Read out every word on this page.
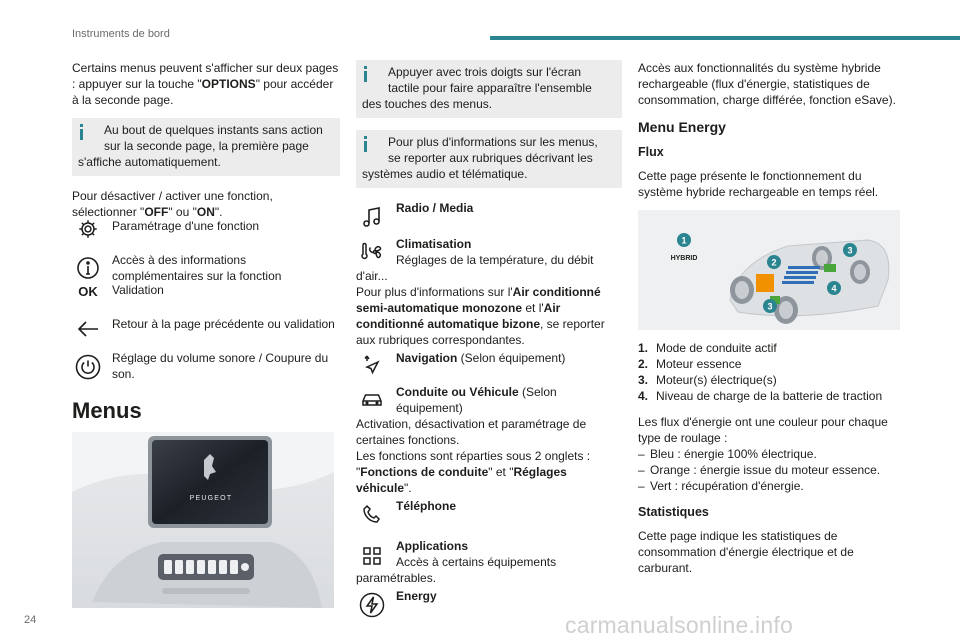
Instruments de bord

Certains menus peuvent s'afficher sur deux pages : appuyer sur la touche "OPTIONS" pour accéder à la seconde page.

Au bout de quelques instants sans action
sur la seconde page, la première page
s'affiche automatiquement.

Pour désactiver / activer une fonction, sélectionner "OFF" ou "ON".

Paramétrage d'une fonction
Accès à des informations complémentaires sur la fonction
OK	Validation
Retour à la page précédente ou validation
Réglage du volume sonore / Coupure du son.
Menus
PEUGEOT
Appuyer avec trois doigts sur l'écran
tactile pour faire apparaître l'ensemble
des touches des menus.
Pour plus d'informations sur les menus,
se reporter aux rubriques décrivant les
systèmes audio et télématique.
Radio / Media
Climatisation
Réglages de la température, du débit

d'air...

Pour plus d'informations sur l'Air conditionné semi-automatique monozone et l'Air conditionné automatique bizone, se reporter aux rubriques correspondantes.

Navigation (Selon équipement)
Conduite ou Véhicule (Selon équipement)

Activation, désactivation et paramétrage de certaines fonctions.

Les fonctions sont réparties sous 2 onglets : "Fonctions de conduite" et "Réglages véhicule".

Téléphone
Applications
Accès à certains équipements

paramétrables.

Energy

Accès aux fonctionnalités du système hybride rechargeable (flux d'énergie, statistiques de consommation, charge différée, fonction eSave).

Menu Energy
Flux

Cette page présente le fonctionnement du système hybride rechargeable en temps réel.

1
HYBRID	2
3
4
3
1. Mode de conduite actif
2. Moteur essence
3. Moteur(s) électrique(s)
4. Niveau de charge de la batterie de traction

Les flux d'énergie ont une couleur pour chaque type de roulage :

– Bleu : énergie 100% électrique.
– Orange : énergie issue du moteur essence.
– Vert : récupération d'énergie.
Statistiques

Cette page indique les statistiques de consommation d'énergie électrique et de carburant.

24	carmanualsonline.info
